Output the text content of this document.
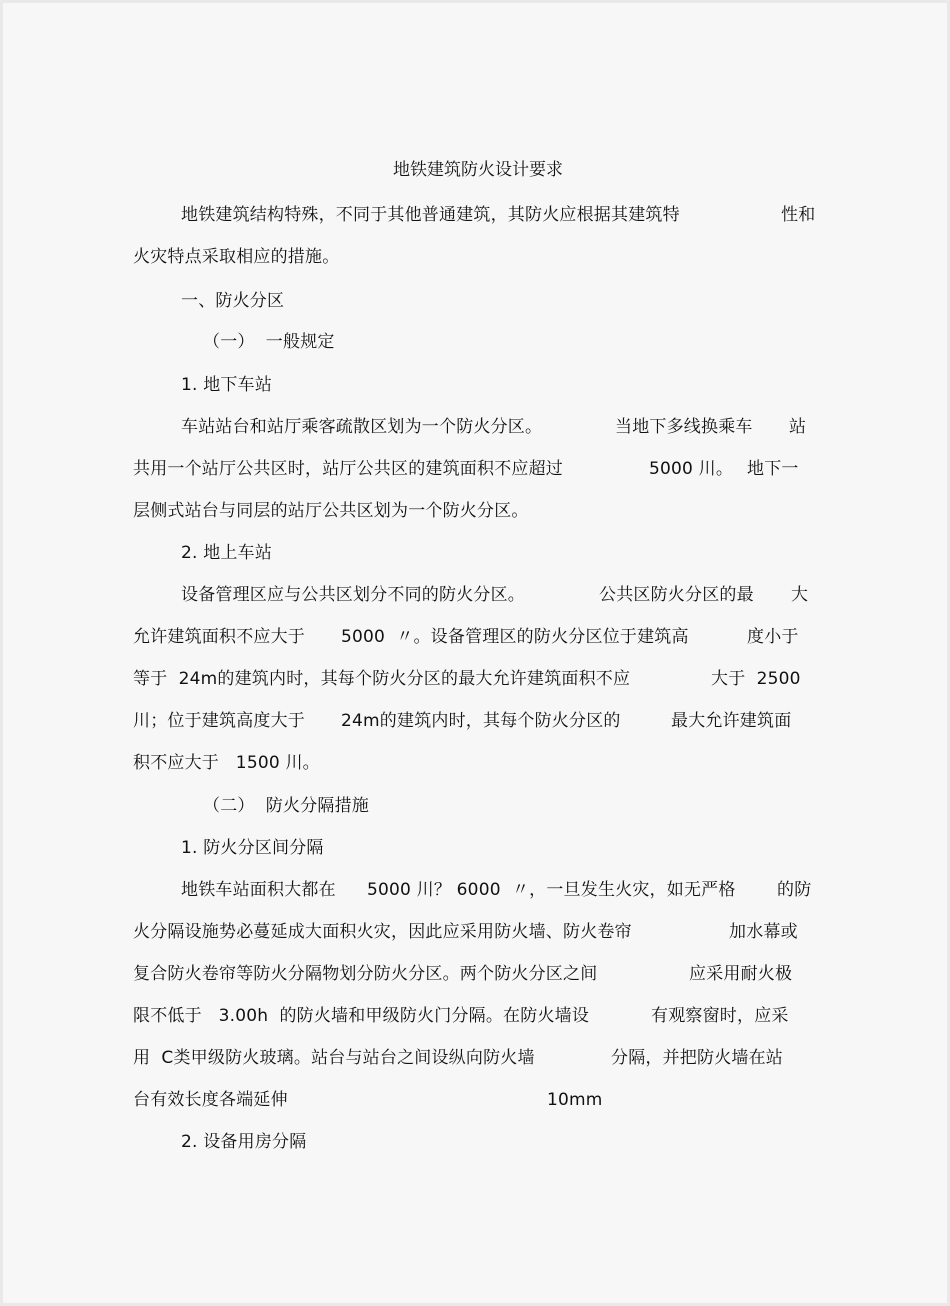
地铁建筑防火设计要求

地铁建筑结构特殊，不同于其他普通建筑，其防火应根据其建筑特

	性和

火灾特点采取相应的措施。

一、防火分区
（一）  一般规定
1. 地下车站

车站站台和站厅乘客疏散区划为一个防火分区。

	当地下多线换乘车

站

共用一个站厅公共区时，站厅公共区的建筑面积不应超过

	5000 川。

地下一

层侧式站台与同层的站厅公共区划为一个防火分区。

2. 地上车站

设备管理区应与公共区划分不同的防火分区。

	公共区防火分区的最

大

允许建筑面积不应大于

5000  〃。设备管理区的防火分区位于建筑高

	度小于

等于  24m的建筑内时，其每个防火分区的最大允许建筑面积不应

	大于  2500

川；位于建筑高度大于

24m的建筑内时，其每个防火分区的

	最大允许建筑面

积不应大于   1500 川。

（二）  防火分隔措施
1. 防火分区间分隔

地铁车站面积大都在

5000 川？ 6000  〃，一旦发生火灾，如无严格

的防

火分隔设施势必蔓延成大面积火灾，因此应采用防火墙、防火卷帘

	加水幕或

复合防火卷帘等防火分隔物划分防火分区。两个防火分区之间

	应采用耐火极

限不低于   3.00h  的防火墙和甲级防火门分隔。在防火墙设

	有观察窗时，应采

用  C类甲级防火玻璃。站台与站台之间设纵向防火墙

	分隔，并把防火墙在站

台有效长度各端延伸

	10mm

2. 设备用房分隔
